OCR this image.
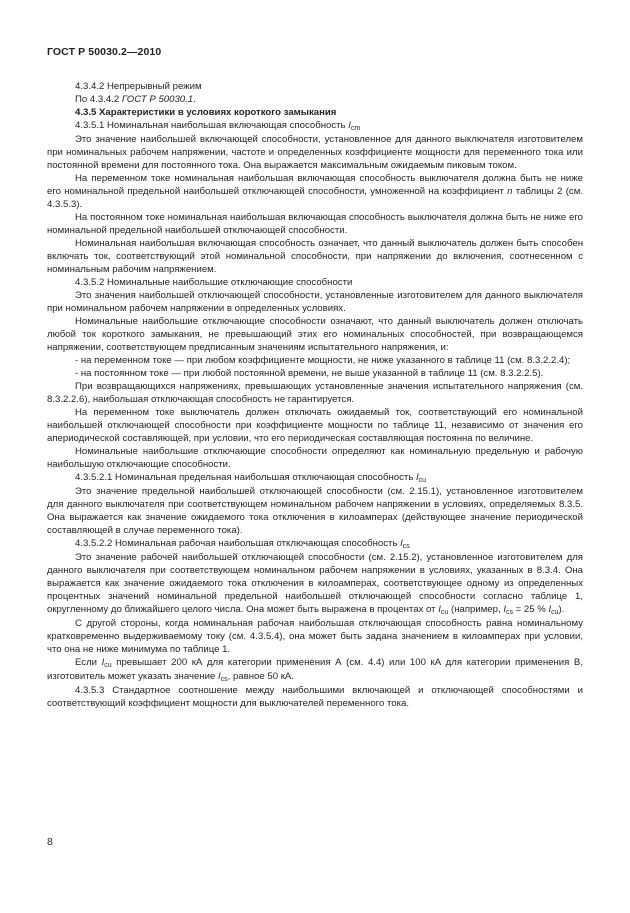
ГОСТ Р 50030.2—2010

4.3.4.2 Непрерывный режим

По 4.3.4.2 ГОСТ Р 50030.1.

4.3.5 Характеристики в условиях короткого замыкания

4.3.5.1 Номинальная наибольшая включающая способность $I_{cm}$

Это значение наибольшей включающей способности, установленное для данного выключателя изготовителем при номинальных рабочем напряжении, частоте и определенных коэффициенте мощности для переменного тока или постоянной времени для постоянного тока. Она выражается максимальным ожидаемым пиковым током.

На переменном токе номинальная наибольшая включающая способность выключателя должна быть не ниже его номинальной предельной наибольшей отключающей способности, умноженной на коэффициент n таблицы 2 (см. 4.3.5.3).

На постоянном токе номинальная наибольшая включающая способность выключателя должна быть не ниже его номинальной предельной наибольшей отключающей способности.

Номинальная наибольшая включающая способность означает, что данный выключатель должен быть способен включать ток, соответствующий этой номинальной способности, при напряжении до включения, соотнесенном с номинальным рабочим напряжением.

4.3.5.2 Номинальные наибольшие отключающие способности

Это значения наибольшей отключающей способности, установленные изготовителем для данного выключателя при номинальном рабочем напряжении в определенных условиях.

Номинальные наибольшие отключающие способности означают, что данный выключатель должен отключать любой ток короткого замыкания, не превышающий этих его номинальных способностей, при возвращающемся напряжении, соответствующем предписанным значениям испытательного напряжения, и:

- на переменном токе — при любом коэффициенте мощности, не ниже указанного в таблице 11 (см. 8.3.2.2.4);

- на постоянном токе — при любой постоянной времени, не выше указанной в таблице 11 (см. 8.3.2.2.5).

При возвращающихся напряжениях, превышающих установленные значения испытательного напряжения (см. 8.3.2.2.6), наибольшая отключающая способность не гарантируется.

На переменном токе выключатель должен отключать ожидаемый ток, соответствующий его номинальной наибольшей отключающей способности при коэффициенте мощности по таблице 11, независимо от значения его апериодической составляющей, при условии, что его периодическая составляющая постоянна по величине.

Номинальные наибольшие отключающие способности определяют как номинальную предельную и рабочую наибольшую отключающие способности.

4.3.5.2.1 Номинальная предельная наибольшая отключающая способность $I_{cu}$

Это значение предельной наибольшей отключающей способности (см. 2.15.1), установленное изготовителем для данного выключателя при соответствующем номинальном рабочем напряжении в условиях, определяемых 8.3.5. Она выражается как значение ожидаемого тока отключения в килоамперах (действующее значение периодической составляющей в случае переменного тока).

4.3.5.2.2 Номинальная рабочая наибольшая отключающая способность $I_{cs}$

Это значение рабочей наибольшей отключающей способности (см. 2.15.2), установленное изготовителем для данного выключателя при соответствующем номинальном рабочем напряжении в условиях, указанных в 8.3.4. Она выражается как значение ожидаемого тока отключения в килоамперах, соответствующее одному из определенных процентных значений номинальной предельной наибольшей отключающей способности согласно таблице 1, округленному до ближайшего целого числа. Она может быть выражена в процентах от $I_{cu}$ (например, $I_{cs} = 25$ % $I_{cu}$).

С другой стороны, когда номинальная рабочая наибольшая отключающая способность равна номинальному кратковременно выдерживаемому току (см. 4.3.5.4), она может быть задана значением в килоамперах при условии, что она не ниже минимума по таблице 1.

Если $I_{cu}$ превышает 200 кА для категории применения А (см. 4.4) или 100 кА для категории применения В, изготовитель может указать значение $I_{cs}$, равное 50 кА.

4.3.5.3 Стандартное соотношение между наибольшими включающей и отключающей способностями и соответствующий коэффициент мощности для выключателей переменного тока.

8
